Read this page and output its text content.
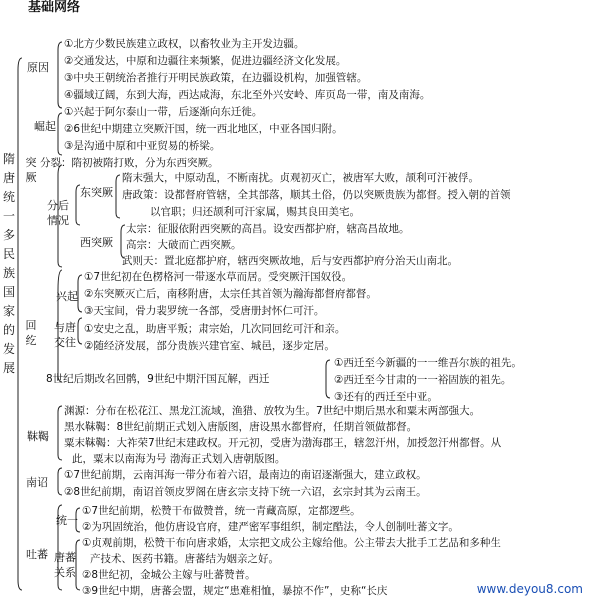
基础网络
隋唐统一多民族国家的发展
原因
①北方少数民族建立政权，以畜牧业为主开发边疆。
②交通发达，中原和边疆往来频繁，促进边疆经济文化发展。
③中央王朝统治者推行开明民族政策，在边疆设机构，加强管辖。
④疆域辽阔，东到大海，西达咸海，东北至外兴安岭、库页岛一带，南及南海。
突厥
崛起
①兴起于阿尔泰山一带，后逐渐向东迁徙。
②6世纪中期建立突厥汗国，统一西北地区，中亚各国归附。
③是沟通中原和中亚贸易的桥梁。
分裂：隋初被隋打败，分为东西突厥。
分后情况
东突厥
隋末强大，中原动乱，不断南扰。贞观初灭亡，被唐军大败，颉利可汗被俘。
唐政策：设都督府管辖，全其部落，顺其土俗，仍以突厥贵族为都督。授入朝的首领
以官职；归还颉利可汗家属，赐其良田美宅。
西突厥
太宗：征服依附西突厥的高昌。设安西都护府，辖高昌故地。
高宗：大破而亡西突厥。
武则天：置北庭都护府，辖西突厥故地，后与安西都护府分治天山南北。
回纥
兴起
①7世纪初在色楞格河一带逐水草而居。受突厥汗国奴役。
②东突厥灭亡后，南移附唐，太宗任其首领为瀚海都督府都督。
③天宝间，骨力裴罗统一各部，受唐册封怀仁可汗。
与唐交往
①安史之乱，助唐平叛；肃宗始，几次同回纥可汗和亲。
②随经济发展，部分贵族兴建官室、城邑，逐步定居。
8世纪后期改名回鹘，9世纪中期汗国瓦解，西迁
①西迁至今新疆的一一维吾尔族的祖先。
②西迁至今甘肃的一一裕固族的祖先。
③还有的西迁至中亚。
靺鞨
渊源：分布在松花江、黑龙江流域，渔猎、放牧为生。7世纪中期后黑水和粟末两部强大。
黑水靺鞨：8世纪前期正式划入唐版图，唐设黑水都督府，任期首领做都督。
粟末靺鞨：大祚荣7世纪末建政权。开元初，受唐为渤海郡王，辖忽汗州，加授忽汗州都督。从
此，粟末以南海为号 渤海正式划入唐朝版图。
南诏
①7世纪前期，云南洱海一带分布着六诏，最南边的南诏逐渐强大，建立政权。
②8世纪前期，南诏首领皮罗阁在唐玄宗支持下统一六诏，玄宗封其为云南王。
吐蕃
统一
①7世纪前期，松赞干布做赞普，统一青藏高原，定都逻些。
②为巩固统治，他仿唐设官府，建严密军事组织，制定酷法，令人创制吐蕃文字。
唐蕃关系
①贞观前期，松赞干布向唐求婚，太宗把文成公主嫁给他。公主带去大批手工艺品和多种生
产技术、医药书籍。唐蕃结为姻亲之好。
②8世纪初，金城公主嫁与吐蕃赞普。
③9世纪中期，唐蕃会盟，规定“患难相恤，暴掠不作”，史称“长庆	www.deyou8.com
